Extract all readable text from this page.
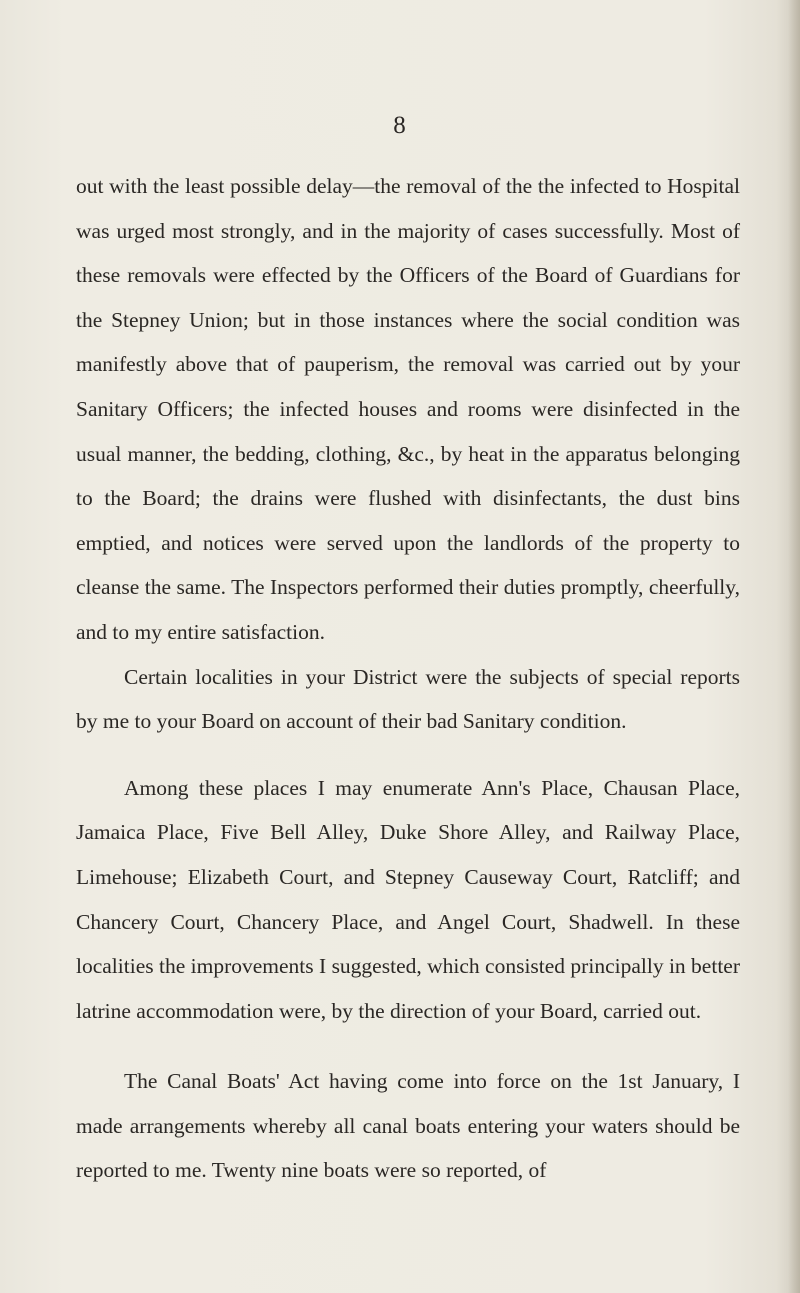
8

out with the least possible delay—the removal of the the infected to Hospital was urged most strongly, and in the majority of cases successfully. Most of these removals were effected by the Officers of the Board of Guardians for the Stepney Union; but in those instances where the social condition was manifestly above that of pauperism, the removal was carried out by your Sanitary Officers; the infected houses and rooms were disinfected in the usual manner, the bedding, clothing, &c., by heat in the apparatus belonging to the Board; the drains were flushed with disinfectants, the dust bins emptied, and notices were served upon the landlords of the property to cleanse the same. The Inspectors performed their duties promptly, cheerfully, and to my entire satisfaction.

Certain localities in your District were the subjects of special reports by me to your Board on account of their bad Sanitary condition.

Among these places I may enumerate Ann's Place, Chausan Place, Jamaica Place, Five Bell Alley, Duke Shore Alley, and Railway Place, Limehouse; Elizabeth Court, and Stepney Causeway Court, Ratcliff; and Chancery Court, Chancery Place, and Angel Court, Shadwell. In these localities the improvements I suggested, which consisted principally in better latrine accommodation were, by the direction of your Board, carried out.

The Canal Boats' Act having come into force on the 1st January, I made arrangements whereby all canal boats entering your waters should be reported to me. Twenty nine boats were so reported, of
